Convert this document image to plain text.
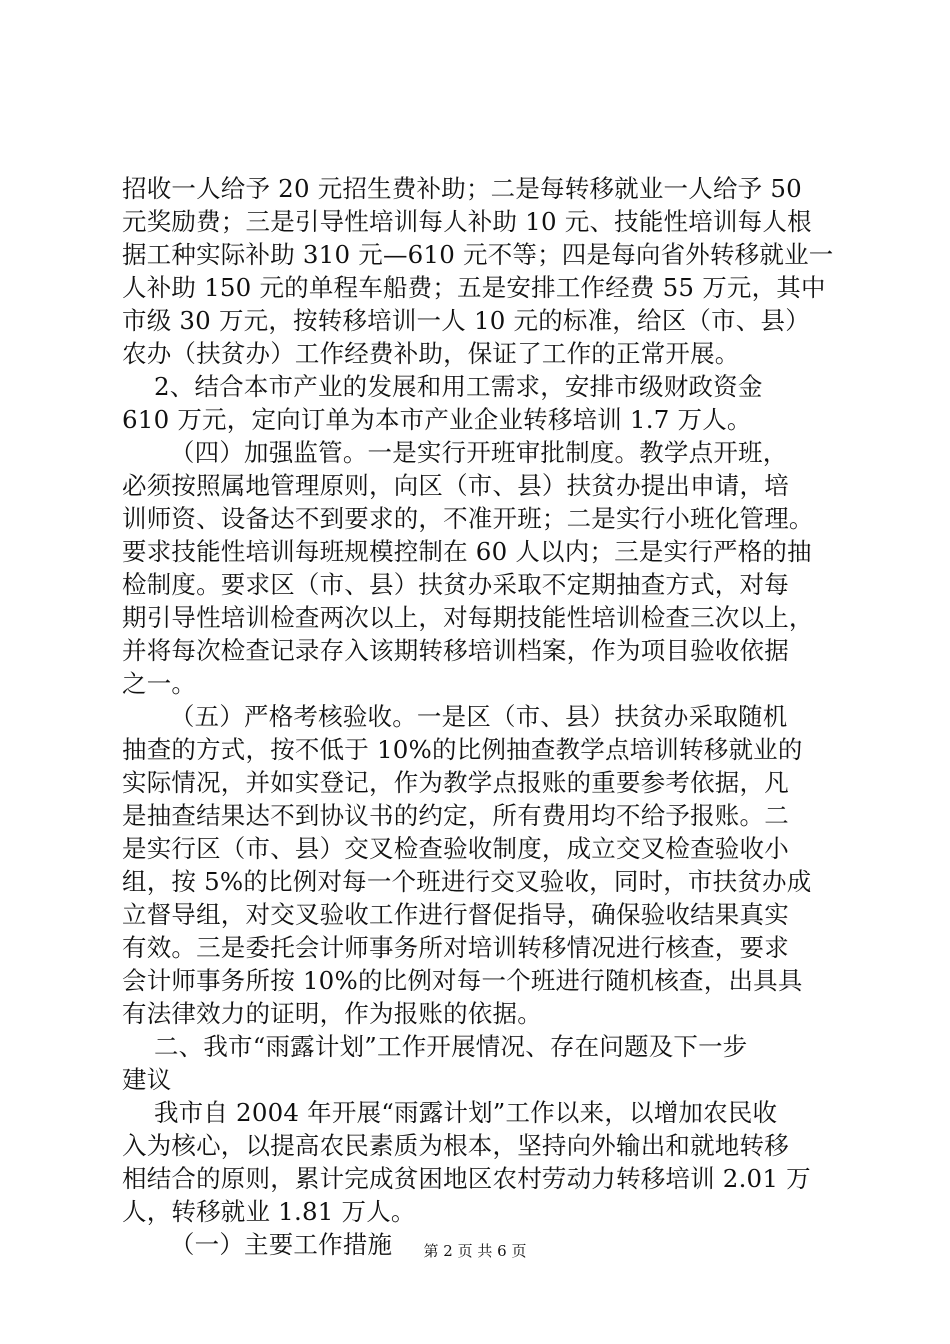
招收一人给予 20 元招生费补助；二是每转移就业一人给予 50
元奖励费；三是引导性培训每人补助 10 元、技能性培训每人根
据工种实际补助 310 元—610 元不等；四是每向省外转移就业一
人补助 150 元的单程车船费；五是安排工作经费 55 万元，其中
市级 30 万元，按转移培训一人 10 元的标准，给区（市、县）
农办（扶贫办）工作经费补助，保证了工作的正常开展。
2、结合本市产业的发展和用工需求，安排市级财政资金
610 万元，定向订单为本市产业企业转移培训 1.7 万人。
（四）加强监管。一是实行开班审批制度。教学点开班，
必须按照属地管理原则，向区（市、县）扶贫办提出申请，培
训师资、设备达不到要求的，不准开班；二是实行小班化管理。
要求技能性培训每班规模控制在 60 人以内；三是实行严格的抽
检制度。要求区（市、县）扶贫办采取不定期抽查方式，对每
期引导性培训检查两次以上，对每期技能性培训检查三次以上，
并将每次检查记录存入该期转移培训档案，作为项目验收依据
之一。
（五）严格考核验收。一是区（市、县）扶贫办采取随机
抽查的方式，按不低于 10%的比例抽查教学点培训转移就业的
实际情况，并如实登记，作为教学点报账的重要参考依据，凡
是抽查结果达不到协议书的约定，所有费用均不给予报账。二
是实行区（市、县）交叉检查验收制度，成立交叉检查验收小
组，按 5%的比例对每一个班进行交叉验收，同时，市扶贫办成
立督导组，对交叉验收工作进行督促指导，确保验收结果真实
有效。三是委托会计师事务所对培训转移情况进行核查，要求
会计师事务所按 10%的比例对每一个班进行随机核查，出具具
有法律效力的证明，作为报账的依据。
二、我市“雨露计划”工作开展情况、存在问题及下一步
建议
我市自 2004 年开展“雨露计划”工作以来，以增加农民收
入为核心，以提高农民素质为根本，坚持向外输出和就地转移
相结合的原则，累计完成贫困地区农村劳动力转移培训 2.01 万
人，转移就业 1.81 万人。
（一）主要工作措施	第 2 页 共 6 页
